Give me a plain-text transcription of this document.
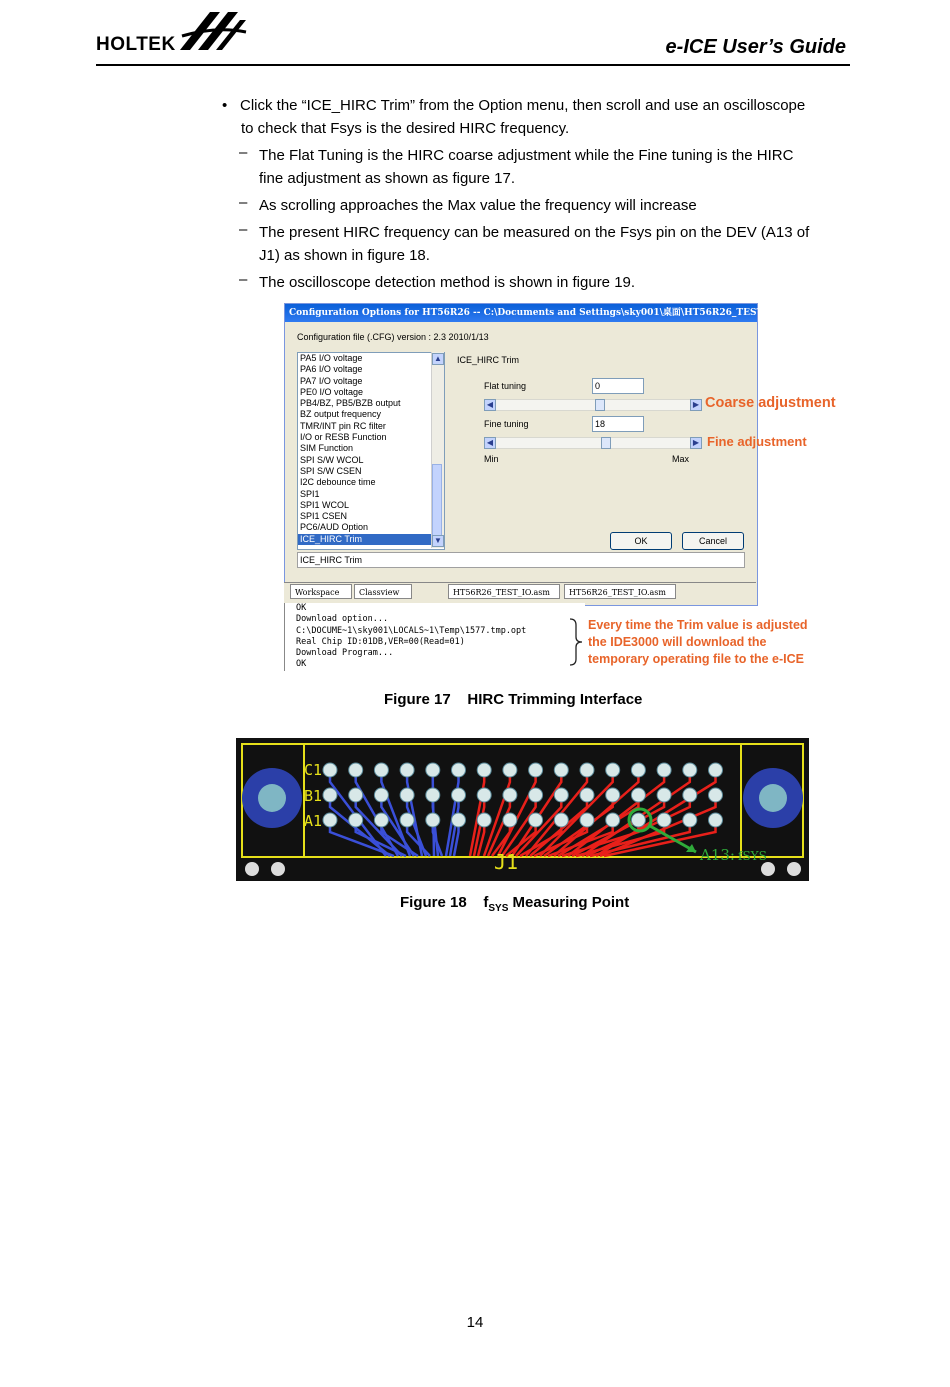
HOLTEK	e-ICE User’s Guide
• Click the “ICE_HIRC Trim” from the Option menu, then scroll and use an oscilloscope
to check that Fsys is the desired HIRC frequency.
– The Flat Tuning is the HIRC coarse adjustment while the Fine tuning is the HIRC
fine adjustment as shown as figure 17.
– As scrolling approaches the Max value the frequency will increase
– The present HIRC frequency can be measured on the Fsys pin on the DEV (A13 of
J1) as shown in figure 18.
– The oscilloscope detection method is shown in figure 19.
Configuration Options for HT56R26 -- C:\Documents and Settings\sky001\桌面\HT56R26_TEST_IO\HT56R...
Configuration file (.CFG) version : 2.3 2010/1/13
PA5 I/O voltage
PA6 I/O voltage
PA7 I/O voltage
PE0 I/O voltage
PB4/BZ, PB5/BZB output
BZ output frequency
TMR/INT pin RC filter
I/O or RESB Function
SIM Function
SPI S/W WCOL
SPI S/W CSEN
I2C debounce time
SPI1
SPI1 WCOL
SPI1 CSEN
PC6/AUD Option
ICE_HIRC Trim
▲
▼
ICE_HIRC Trim
Flat tuning	0
◀	▶
Fine tuning	18
◀	▶
Min	Max
OK	Cancel
ICE_HIRC Trim
Workspace	Classview	HT56R26_TEST_IO.asm	HT56R26_TEST_IO.asm
OK
Download option...
C:\DOCUME~1\sky001\LOCALS~1\Temp\1577.tmp.opt
Real Chip ID:01DB,VER=00(Read=01)
Download Program...
OK
Coarse adjustment
Fine adjustment
Every time the Trim value is adjusted
the IDE3000 will download the
temporary operating file to the e-ICE
Figure 17    HIRC Trimming Interface
C1
B1
A1
J1	A13: fSYS
Figure 18    $f_{SYS}$ Measuring Point
14
